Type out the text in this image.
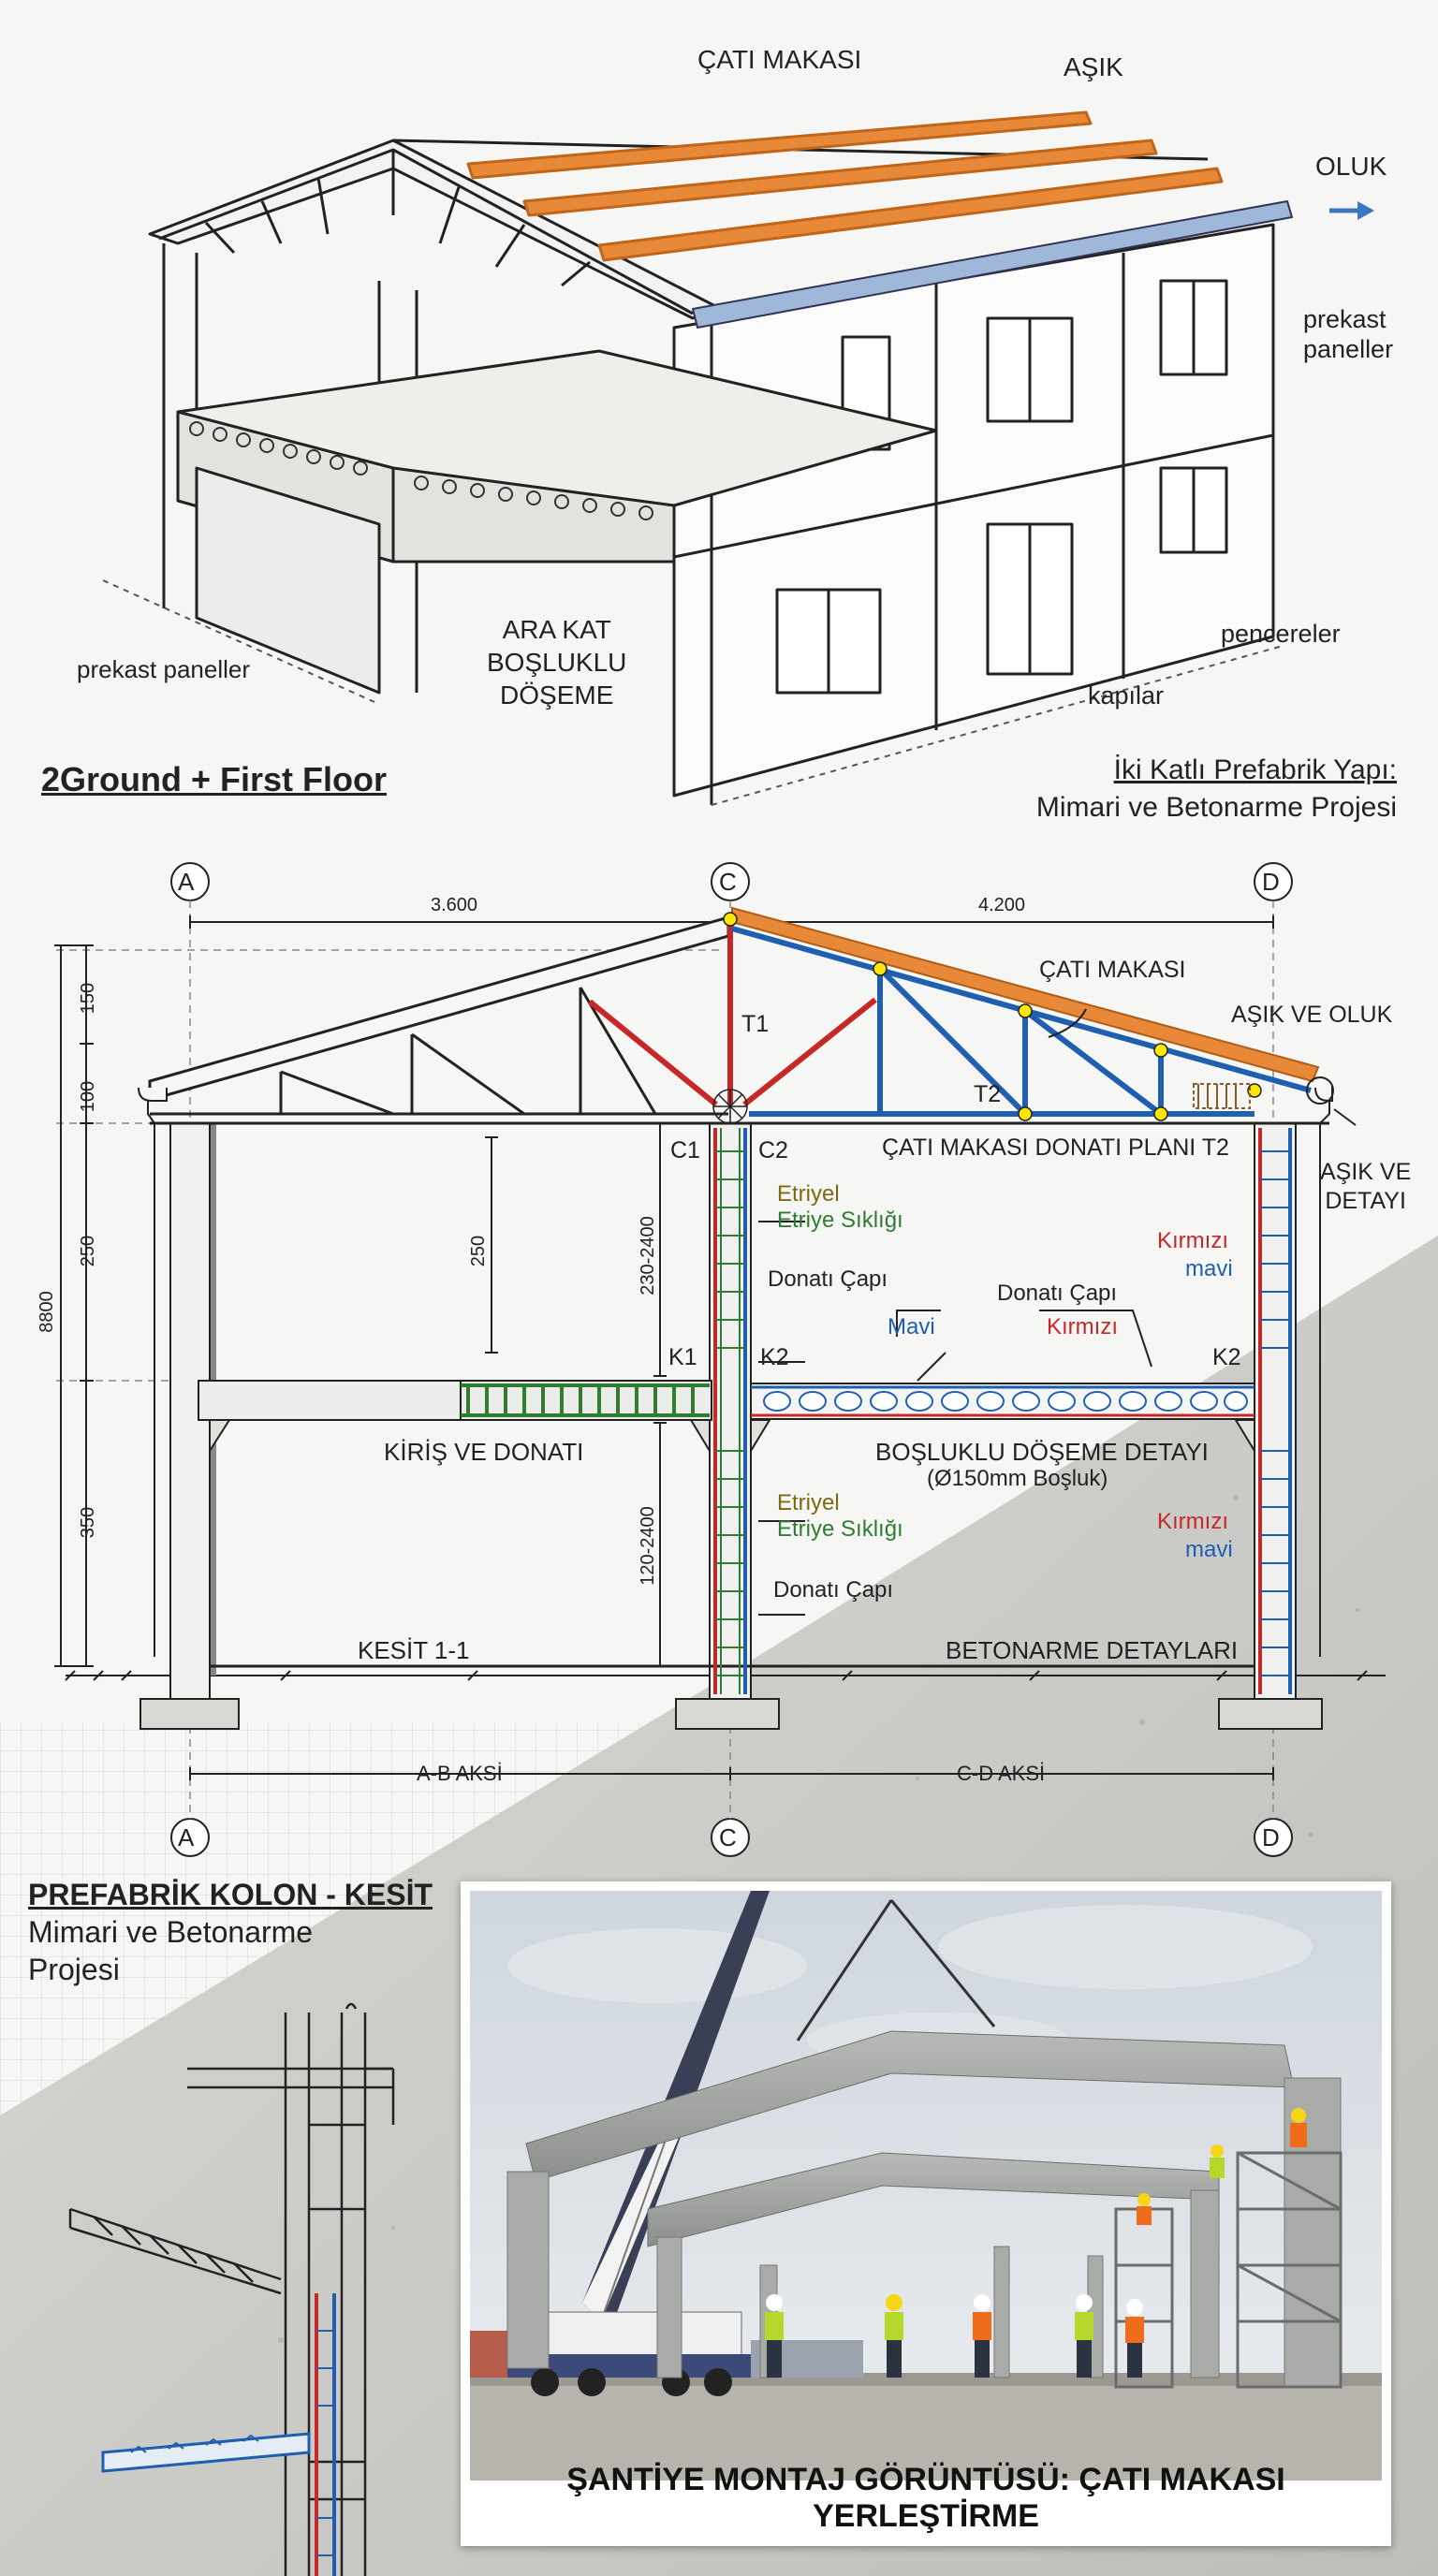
ÇATI MAKASI	AŞIK
OLUK
prekast
paneller
prekast paneller
ARA KAT
BOŞLUKLU
DÖŞEME
pencereler
kapılar
2Ground + First Floor	İki Katlı Prefabrik Yapı:
Mimari ve Betonarme Projesi
A	C	D
A	C	D
3.600	4.200
8800
150
100
250
350
250	230-2400
120-2400
ÇATI MAKASI
T1
T2
AŞIK VE OLUK
ÇATI MAKASI DONATI PLANI T2
AŞIK VE
DETAYI
C1 C2
K1	K2	K2
Etriyel
Etriye Sıklığı
Donatı Çapı
Mavi
Donatı Çapı
Kırmızı
Kırmızı
mavi
KİRİŞ VE DONATI	BOŞLUKLU DÖŞEME DETAYI
(Ø150mm Boşluk)
Etriyel
Etriye Sıklığı	Kırmızı
mavi
Donatı Çapı
KESİT 1-1	BETONARME DETAYLARI
A-B AKSİ	C-D AKSİ
PREFABRİK KOLON - KESİT
Mimari ve Betonarme
Projesi
ŞANTİYE MONTAJ GÖRÜNTÜSÜ: ÇATI MAKASI YERLEŞTİRME
